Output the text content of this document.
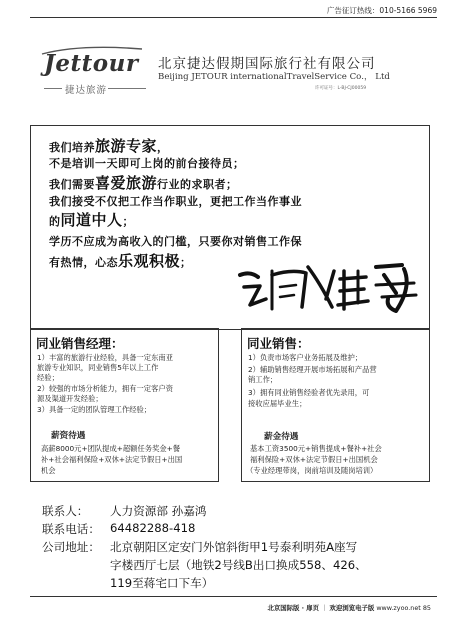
广告征订热线：010-5166 5969
Jettour
捷达旅游
北京捷达假期国际旅行社有限公司
Beijing JETOUR internationalTravelService Co.， Ltd
许可证号：L-BJ-CJ00059
我们培养旅游专家，
不是培训一天即可上岗的前台接待员；
我们需要喜爱旅游行业的求职者；
我们接受不仅把工作当作职业，更把工作当作事业
的同道中人；
学历不应成为高收入的门槛，只要你对销售工作保
有热情，心态乐观积极；
诚聘
同业销售经理：
1）丰富的旅游行业经验，具备一定东南亚
旅游专业知识，同业销售5年以上工作
经验；
2）较强的市场分析能力，拥有一定客户资
源及渠道开发经验；
3）具备一定的团队管理工作经验；
薪资待遇
高薪8000元+团队提成+超额任务奖金+餐
补+社会福利保险+双休+法定节假日+出国
机会
同业销售：
1）负责市场客户业务拓展及维护；
2）辅助销售经理开展市场拓展和产品营
销工作；
3）拥有同业销售经验者优先录用，可
接收应届毕业生；
薪金待遇
基本工资3500元+销售提成+餐补+社会
福利保险+双休+法定节假日+出国机会
（专业经理带岗，岗前培训及随岗培训）
联系人： 人力资源部 孙嘉鸿
联系电话： 64482288-418
公司地址： 北京朝阳区定安门外馆斜街甲1号泰利明苑A座写
字楼西厅七层（地铁2号线B出口换成558、426、
119至蒋宅口下车）
北京国际版 · 扉页 ｜ 欢迎浏览电子版 www.zyoo.net 85
